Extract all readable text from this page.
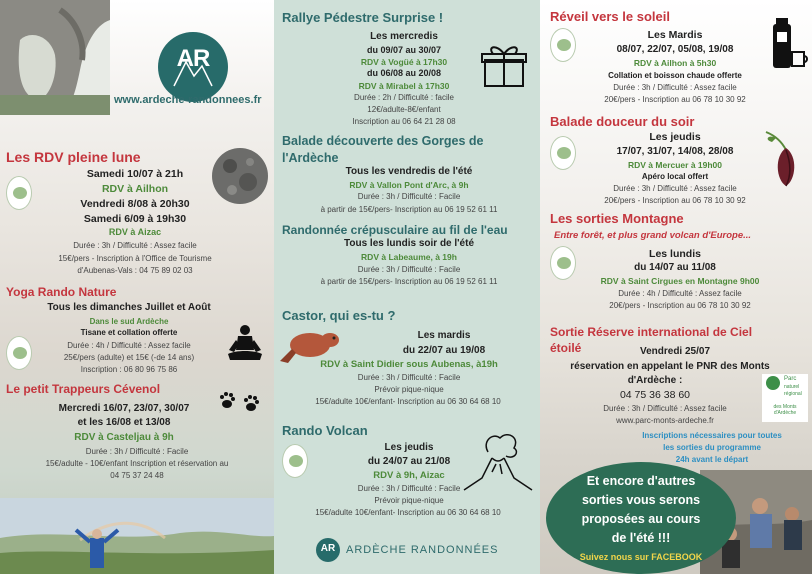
AR
www.ardeche-randonnees.fr
Les RDV pleine lune
Samedi 10/07 à 21h
RDV à Ailhon
Vendredi 8/08 à 20h30
Samedi 6/09 à 19h30
RDV à Aizac
Durée : 3h / Difficulté : Assez facile
15€/pers - Inscription à l'Office de Tourisme
d'Aubenas-Vals : 04 75 89 02 03
Yoga Rando Nature
Tous les dimanches Juillet et Août
Dans le sud Ardèche
Tisane et collation offerte
Durée : 4h / Difficulté : Assez facile
25€/pers (adulte) et 15€ (-de 14 ans)
Inscription : 06 80 96 75 86
Le petit Trappeurs Cévenol
Mercredi 16/07, 23/07, 30/07
et les 16/08 et 13/08
RDV à Casteljau à 9h
Durée : 3h / Difficulté : Facile
15€/adulte - 10€/enfant Inscription et réservation au
04 75 37 24 48
Rallye Pédestre Surprise !
Les mercredis
du 09/07 au 30/07
RDV à Vogüé à 17h30
du 06/08 au 20/08
RDV à Mirabel à 17h30
Durée : 2h / Difficulté : facile
12€/adulte-8€/enfant
Inscription au 06 64 21 28 08
Balade découverte des Gorges de
l'Ardèche
Tous les vendredis de l'été
RDV à Vallon Pont d'Arc, à 9h
Durée : 3h / Difficulté : Facile
à partir de 15€/pers- Inscription au 06 19 52 61 11
Randonnée crépusculaire au fil de l'eau
Tous les lundis soir de l'été
RDV à Labeaume, à 19h
Durée : 3h / Difficulté : Facile
à partir de 15€/pers- Inscription au 06 19 52 61 11
Castor, qui es-tu ?
Les mardis
du 22/07 au 19/08
RDV à Saint Didier sous Aubenas, à19h
Durée : 3h / Difficulté : Facile
Prévoir pique-nique
15€/adulte 10€/enfant- Inscription au 06 30 64 68 10
Rando Volcan
Les jeudis
du 24/07 au 21/08
RDV à 9h, Aizac
Durée : 3h / Difficulté : Facile
Prévoir pique-nique
15€/adulte 10€/enfant- Inscription au 06 30 64 68 10
AR ARDÈCHE RANDONNÉES
Réveil vers le soleil
Les Mardis
08/07, 22/07, 05/08, 19/08
RDV à Ailhon à 5h30
Collation et boisson chaude offerte
Durée : 3h / Difficulté : Assez facile
20€/pers - Inscription au 06 78 10 30 92
Balade douceur du soir
Les jeudis
17/07, 31/07, 14/08, 28/08
RDV à Mercuer à 19h00
Apéro local offert
Durée : 3h / Difficulté : Assez facile
20€/pers - Inscription au 06 78 10 30 92
Les sorties Montagne
Entre forêt, et plus grand volcan d'Europe...
Les lundis
du 14/07 au 11/08
RDV à Saint Cirgues en Montagne 9h00
Durée : 4h / Difficulté : Assez facile
20€/pers - Inscription au 06 78 10 30 92
Sortie Réserve international de Ciel
étoilé	Vendredi 25/07
réservation en appelant le PNR des Monts
d'Ardèche :
04 75 36 38 60
Durée : 3h / Difficulté : Assez facile
www.parc-monts-ardeche.fr
Parc
naturel
régional
des Monts d'Ardèche
Inscriptions nécessaires pour toutes
les sorties du programme
24h avant le départ
Et encore d'autres
sorties vous serons
proposées au cours
de l'été !!!
Suivez nous sur FACEBOOK
